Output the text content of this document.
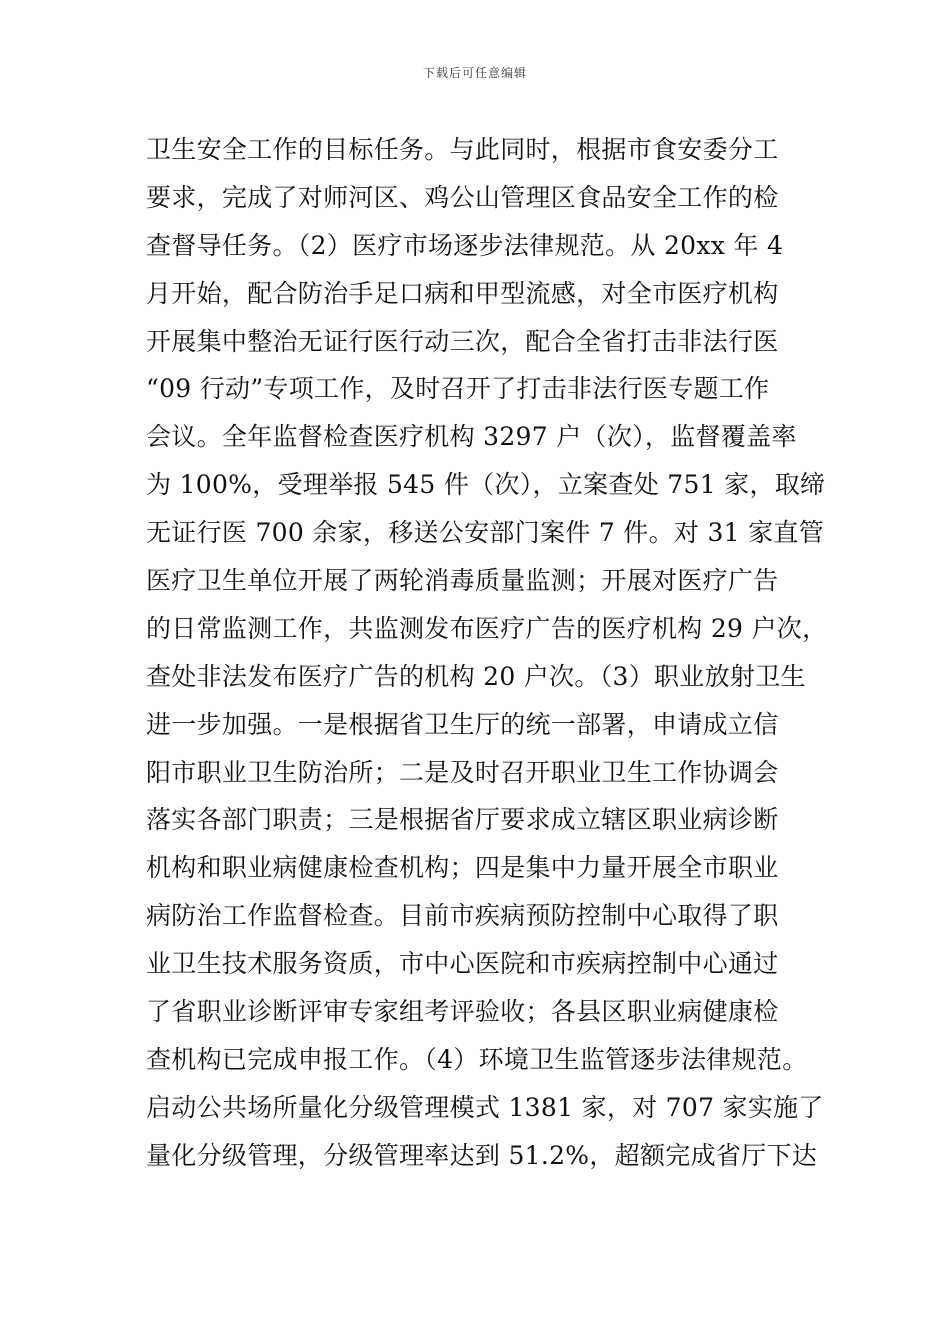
下载后可任意编辑
卫生安全工作的目标任务。与此同时，根据市食安委分工
要求，完成了对师河区、鸡公山管理区食品安全工作的检
查督导任务。（2）医疗市场逐步法律规范。从 20xx 年 4
月开始，配合防治手足口病和甲型流感，对全市医疗机构
开展集中整治无证行医行动三次，配合全省打击非法行医
“09 行动”专项工作，及时召开了打击非法行医专题工作
会议。全年监督检查医疗机构 3297 户（次），监督覆盖率
为 100%，受理举报 545 件（次），立案查处 751 家，取缔
无证行医 700 余家，移送公安部门案件 7 件。对 31 家直管
医疗卫生单位开展了两轮消毒质量监测；开展对医疗广告
的日常监测工作，共监测发布医疗广告的医疗机构 29 户次，
查处非法发布医疗广告的机构 20 户次。（3）职业放射卫生
进一步加强。一是根据省卫生厅的统一部署，申请成立信
阳市职业卫生防治所；二是及时召开职业卫生工作协调会
落实各部门职责；三是根据省厅要求成立辖区职业病诊断
机构和职业病健康检查机构；四是集中力量开展全市职业
病防治工作监督检查。目前市疾病预防控制中心取得了职
业卫生技术服务资质，市中心医院和市疾病控制中心通过
了省职业诊断评审专家组考评验收；各县区职业病健康检
查机构已完成申报工作。（4）环境卫生监管逐步法律规范。
启动公共场所量化分级管理模式 1381 家，对 707 家实施了
量化分级管理，分级管理率达到 51.2%，超额完成省厅下达
